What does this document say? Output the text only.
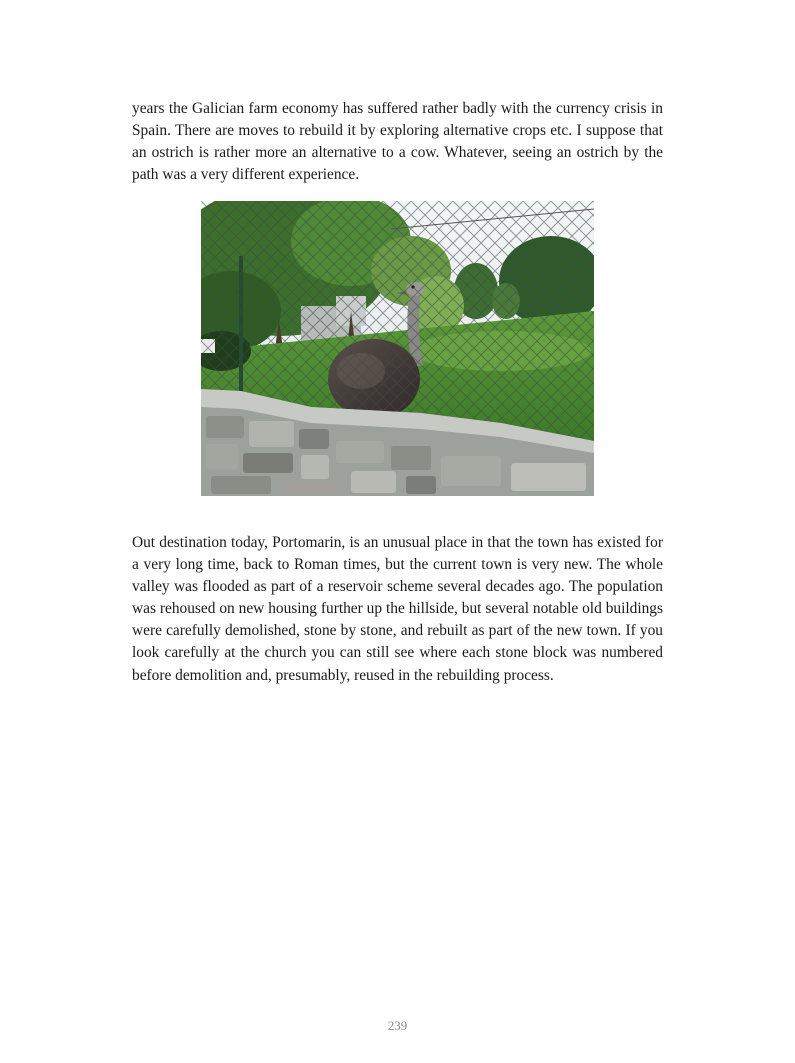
years the Galician farm economy has suffered rather badly with the currency crisis in Spain. There are moves to rebuild it by exploring alternative crops etc. I suppose that an ostrich is rather more an alternative to a cow. Whatever, seeing an ostrich by the path was a very different experience.

Out destination today, Portomarin, is an unusual place in that the town has existed for a very long time, back to Roman times, but the current town is very new. The whole valley was flooded as part of a reservoir scheme several decades ago. The population was rehoused on new housing further up the hillside, but several notable old buildings were carefully demolished, stone by stone, and rebuilt as part of the new town. If you look carefully at the church you can still see where each stone block was numbered before demolition and, presumably, reused in the rebuilding process.

239
